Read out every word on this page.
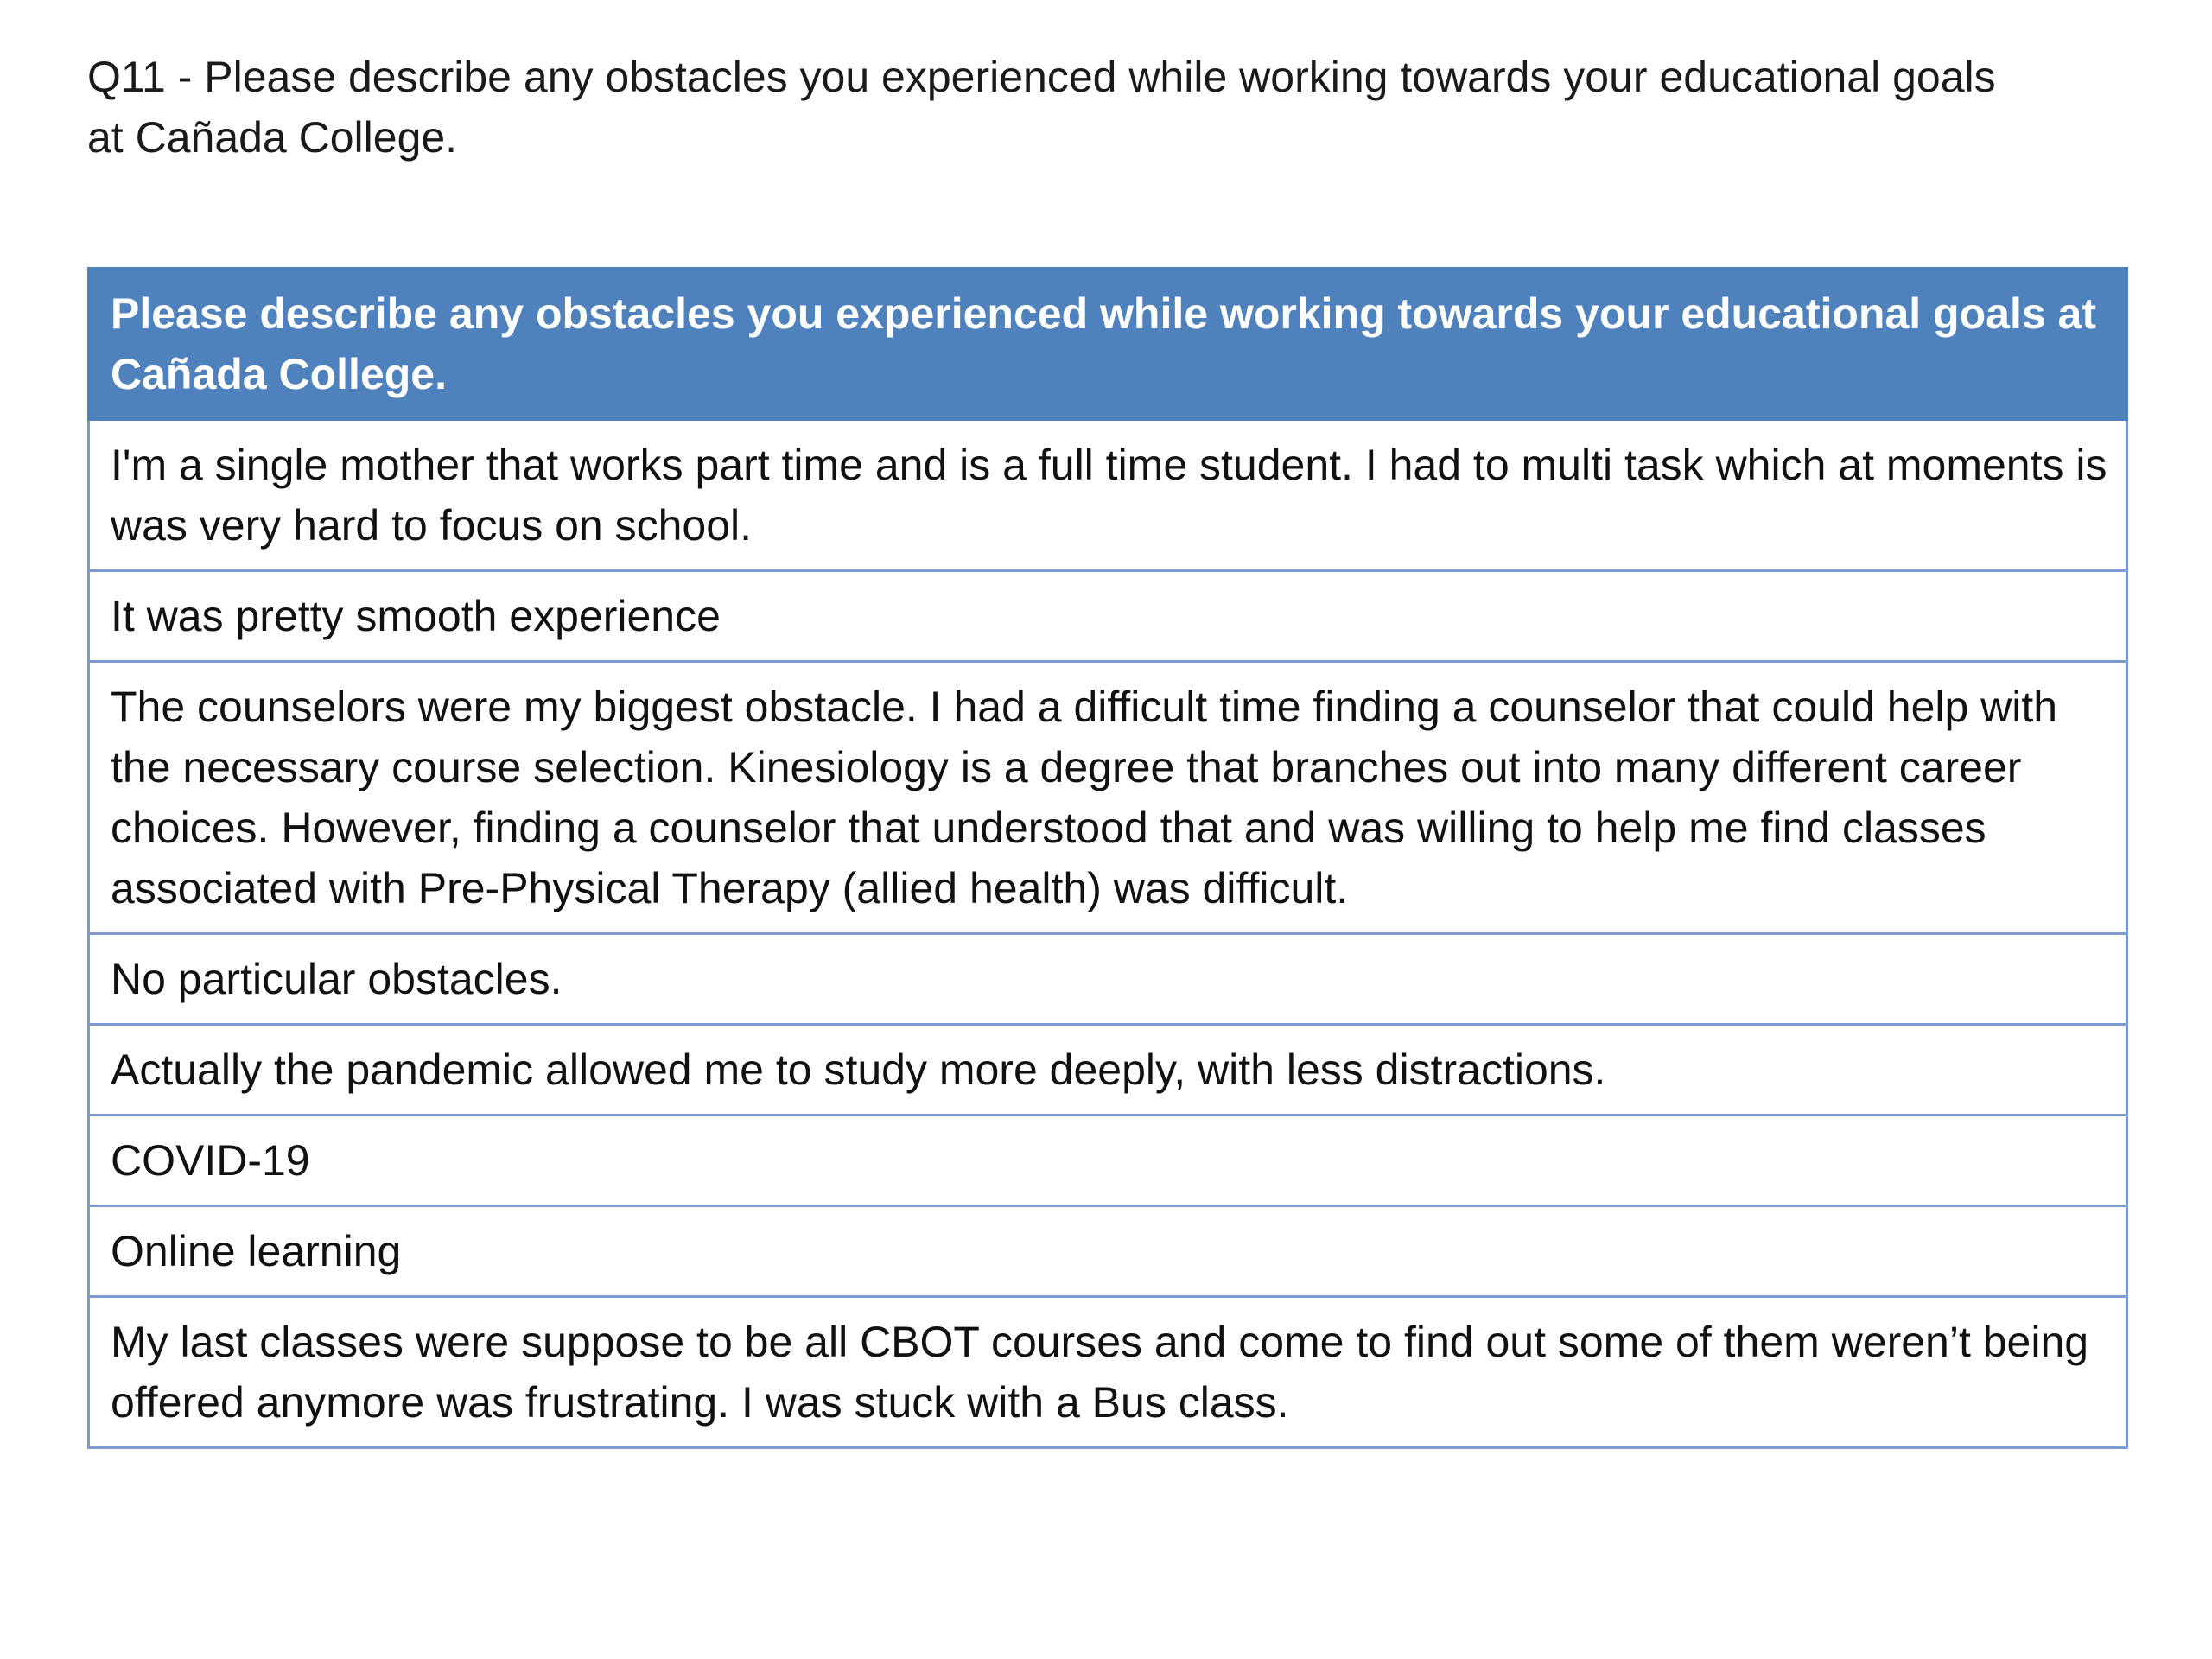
Q11 - Please describe any obstacles you experienced while working towards your educational goals at Cañada College.
Please describe any obstacles you experienced while working towards your educational goals at Cañada College.
I'm a single mother that works part time and is a full time student. I had to multi task which at moments is was very hard to focus on school.
It was pretty smooth experience
The counselors were my biggest obstacle. I had a difficult time finding a counselor that could help with the necessary course selection. Kinesiology is a degree that branches out into many different career choices. However, finding a counselor that understood that and was willing to help me find classes associated with Pre-Physical Therapy (allied health) was difficult.
No particular obstacles.
Actually the pandemic allowed me to study more deeply, with less distractions.
COVID-19
Online learning
My last classes were suppose to be all CBOT courses and come to find out some of them weren’t being offered anymore was frustrating. I was stuck with a Bus class.
